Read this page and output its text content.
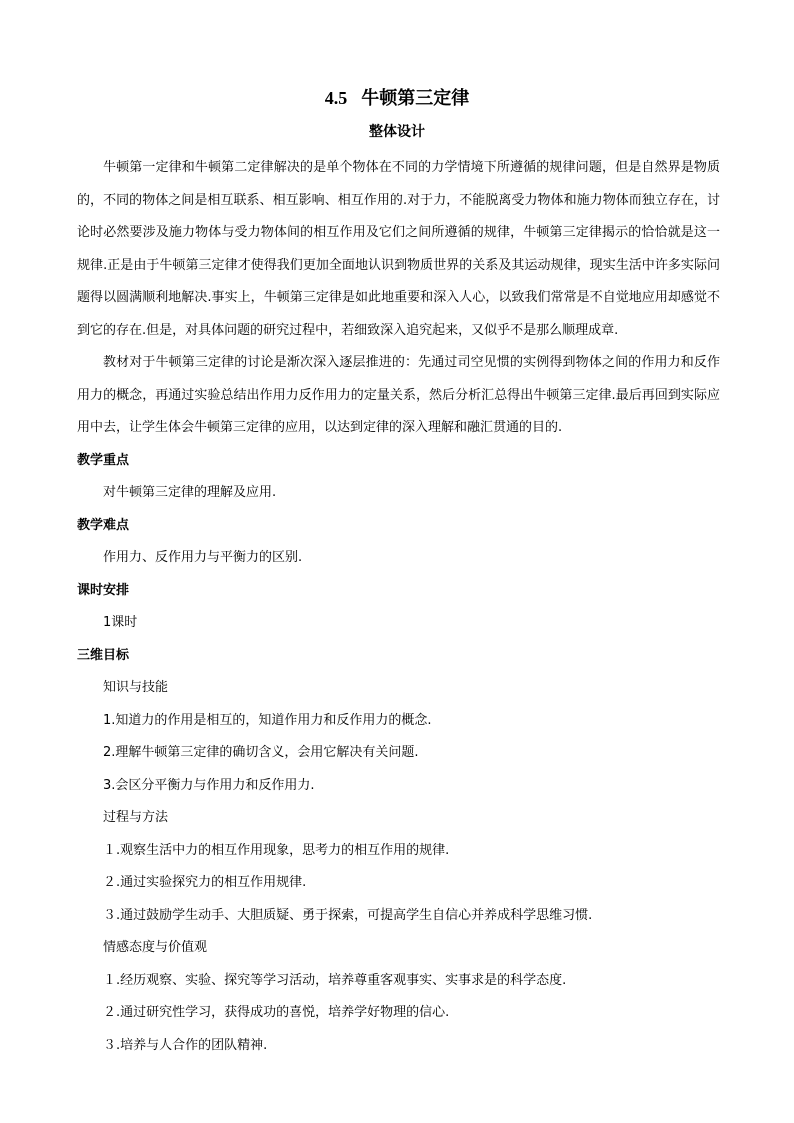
4.5 牛顿第三定律
整体设计

牛顿第一定律和牛顿第二定律解决的是单个物体在不同的力学情境下所遵循的规律问题，但是自然界是物质的，不同的物体之间是相互联系、相互影响、相互作用的.对于力，不能脱离受力物体和施力物体而独立存在，讨论时必然要涉及施力物体与受力物体间的相互作用及它们之间所遵循的规律，牛顿第三定律揭示的恰恰就是这一规律.正是由于牛顿第三定律才使得我们更加全面地认识到物质世界的关系及其运动规律，现实生活中许多实际问题得以圆满顺利地解决.事实上，牛顿第三定律是如此地重要和深入人心，以致我们常常是不自觉地应用却感觉不到它的存在.但是，对具体问题的研究过程中，若细致深入追究起来，又似乎不是那么顺理成章.

教材对于牛顿第三定律的讨论是渐次深入逐层推进的：先通过司空见惯的实例得到物体之间的作用力和反作用力的概念，再通过实验总结出作用力反作用力的定量关系，然后分析汇总得出牛顿第三定律.最后再回到实际应用中去，让学生体会牛顿第三定律的应用，以达到定律的深入理解和融汇贯通的目的.

教学重点

对牛顿第三定律的理解及应用.

教学难点

作用力、反作用力与平衡力的区别.

课时安排

1课时

三维目标

知识与技能

1.知道力的作用是相互的，知道作用力和反作用力的概念.

2.理解牛顿第三定律的确切含义，会用它解决有关问题.

3.会区分平衡力与作用力和反作用力.

过程与方法

１.观察生活中力的相互作用现象，思考力的相互作用的规律.

２.通过实验探究力的相互作用规律.

３.通过鼓励学生动手、大胆质疑、勇于探索，可提高学生自信心并养成科学思维习惯.

情感态度与价值观

１.经历观察、实验、探究等学习活动，培养尊重客观事实、实事求是的科学态度.

２.通过研究性学习，获得成功的喜悦，培养学好物理的信心.

３.培养与人合作的团队精神.
